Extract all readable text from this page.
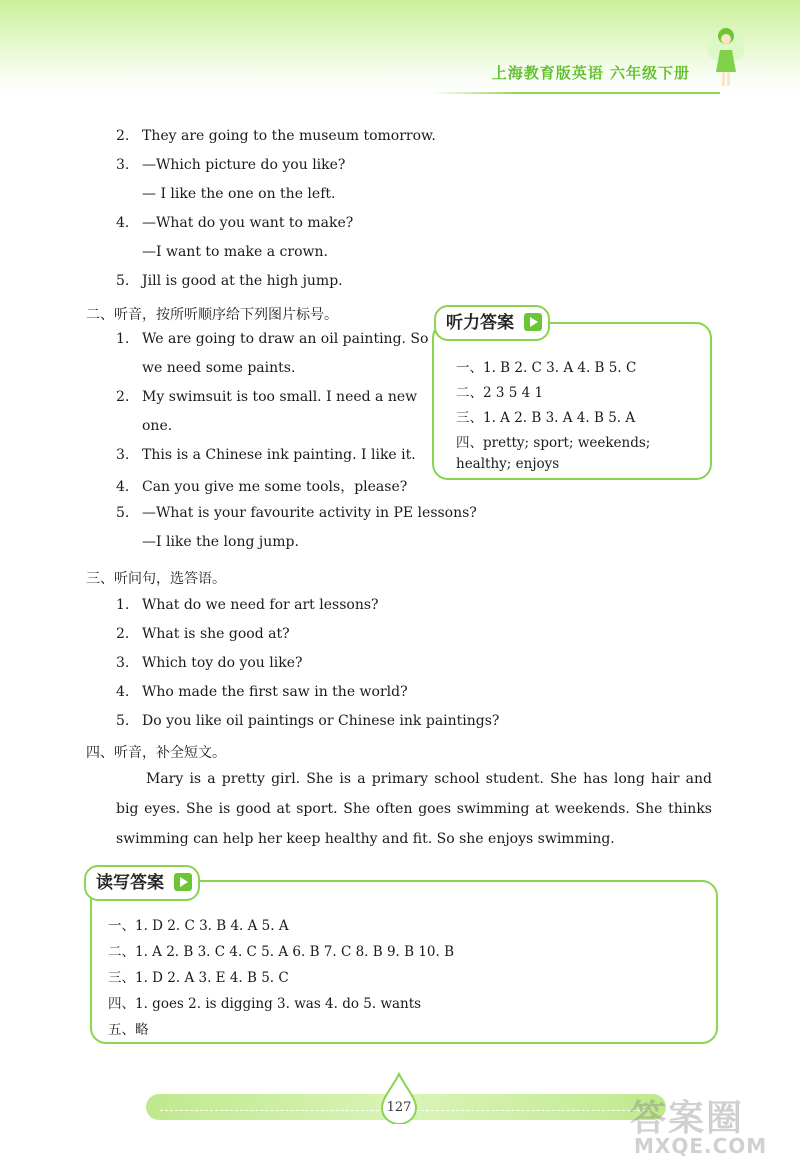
上海教育版英语 六年级下册
2. They are going to the museum tomorrow.
3. —Which picture do you like?
— I like the one on the left.
4. —What do you want to make?
—I want to make a crown.
5. Jill is good at the high jump.
二、听音，按所听顺序给下列图片标号。
1. We are going to draw an oil painting. So
we need some paints.
2. My swimsuit is too small. I need a new
one.
3. This is a Chinese ink painting. I like it.
4. Can you give me some tools，please?
5. —What is your favourite activity in PE lessons?
—I like the long jump.
听力答案
一、1. B 2. C 3. A 4. B 5. C
二、2 3 5 4 1
三、1. A 2. B 3. A 4. B 5. A
四、pretty; sport; weekends;
healthy; enjoys
三、听问句，选答语。
1. What do we need for art lessons?
2. What is she good at?
3. Which toy do you like?
4. Who made the first saw in the world?
5. Do you like oil paintings or Chinese ink paintings?
四、听音，补全短文。
Mary is a pretty girl. She is a primary school student. She has long hair and big eyes. She is good at sport. She often goes swimming at weekends. She thinks swimming can help her keep healthy and fit. So she enjoys swimming.
读写答案
一、1. D 2. C 3. B 4. A 5. A
二、1. A 2. B 3. C 4. C 5. A 6. B 7. C 8. B 9. B 10. B
三、1. D 2. A 3. E 4. B 5. C
四、1. goes 2. is digging 3. was 4. do 5. wants
五、略
127	答案圈
MXQE.COM
